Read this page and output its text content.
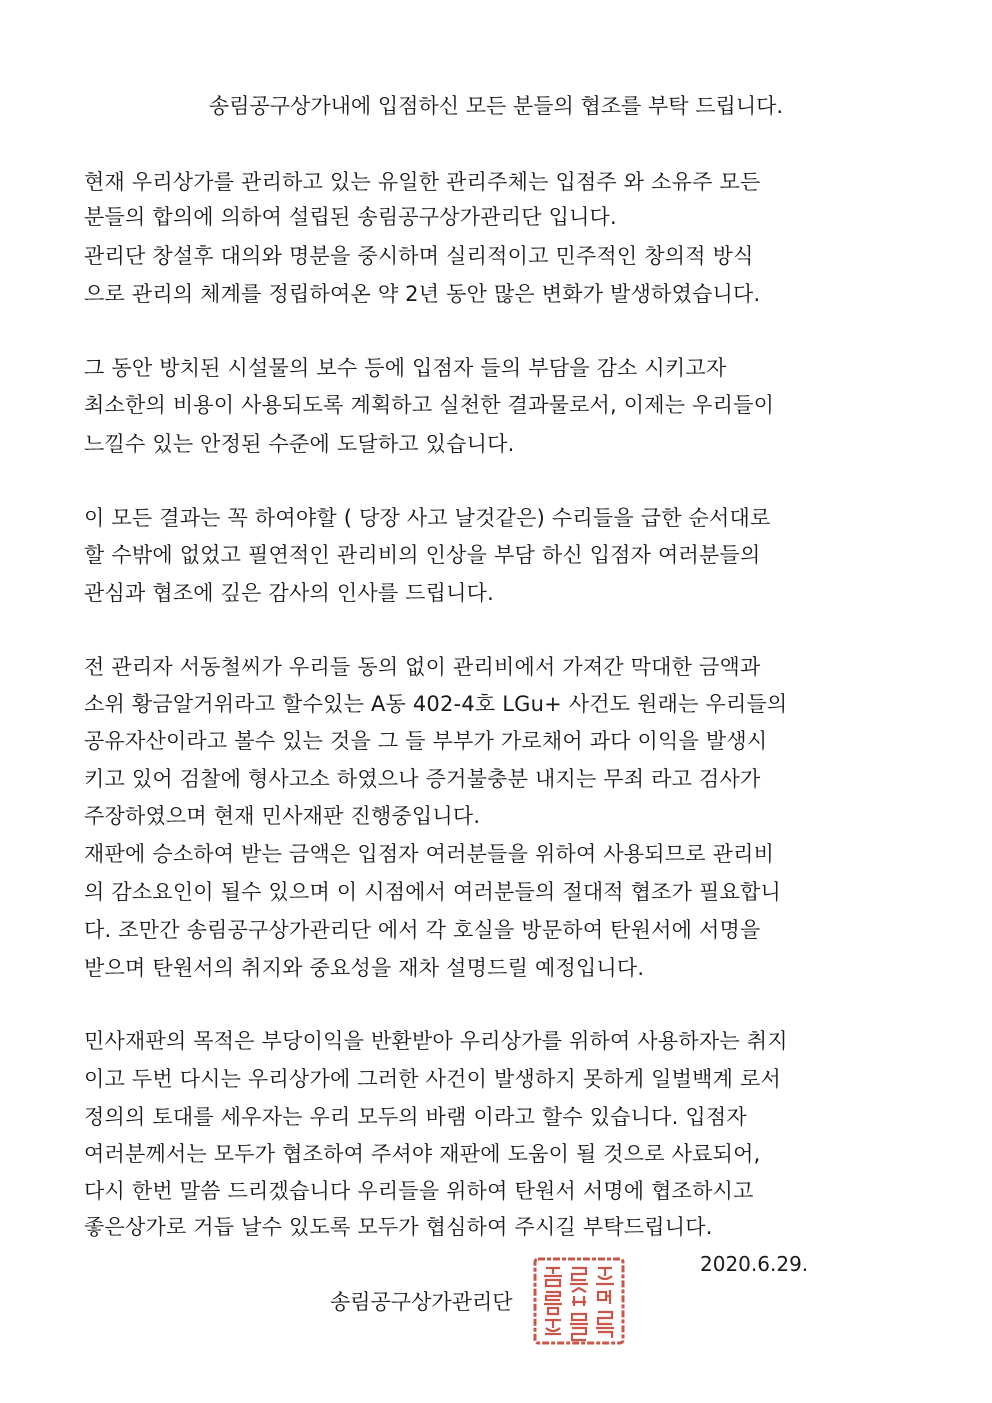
송림공구상가내에 입점하신 모든 분들의 협조를 부탁 드립니다.
현재 우리상가를 관리하고 있는 유일한 관리주체는 입점주 와 소유주 모든
분들의 합의에 의하여 설립된 송림공구상가관리단 입니다.
관리단 창설후 대의와 명분을 중시하며 실리적이고 민주적인 창의적 방식
으로 관리의 체계를 정립하여온 약 2년 동안 많은 변화가 발생하였습니다.
그 동안 방치된 시설물의 보수 등에 입점자 들의 부담을 감소 시키고자
최소한의 비용이 사용되도록 계획하고 실천한 결과물로서, 이제는 우리들이
느낄수 있는 안정된 수준에 도달하고 있습니다.
이 모든 결과는 꼭 하여야할 ( 당장 사고 날것같은) 수리들을 급한 순서대로
할 수밖에 없었고 필연적인 관리비의 인상을 부담 하신 입점자 여러분들의
관심과 협조에 깊은 감사의 인사를 드립니다.
전 관리자 서동철씨가 우리들 동의 없이 관리비에서 가져간 막대한 금액과
소위 황금알거위라고 할수있는 A동 402-4호 LGu+ 사건도 원래는 우리들의
공유자산이라고 볼수 있는 것을 그 들 부부가 가로채어 과다 이익을 발생시
키고 있어 검찰에 형사고소 하였으나 증거불충분 내지는 무죄 라고 검사가
주장하였으며 현재 민사재판 진행중입니다.
재판에 승소하여 받는 금액은 입점자 여러분들을 위하여 사용되므로 관리비
의 감소요인이 될수 있으며 이 시점에서 여러분들의 절대적 협조가 필요합니
다. 조만간 송림공구상가관리단 에서 각 호실을 방문하여 탄원서에 서명을
받으며 탄원서의 취지와 중요성을 재차 설명드릴 예정입니다.
민사재판의 목적은 부당이익을 반환받아 우리상가를 위하여 사용하자는 취지
이고 두번 다시는 우리상가에 그러한 사건이 발생하지 못하게 일벌백계 로서
정의의 토대를 세우자는 우리 모두의 바램 이라고 할수 있습니다. 입점자
여러분께서는 모두가 협조하여 주셔야 재판에 도움이 될 것으로 사료되어,
다시 한번 말씀 드리겠습니다 우리들을 위하여 탄원서 서명에 협조하시고
좋은상가로 거듭 날수 있도록 모두가 협심하여 주시길 부탁드립니다.
2020.6.29.
송림공구상가관리단
